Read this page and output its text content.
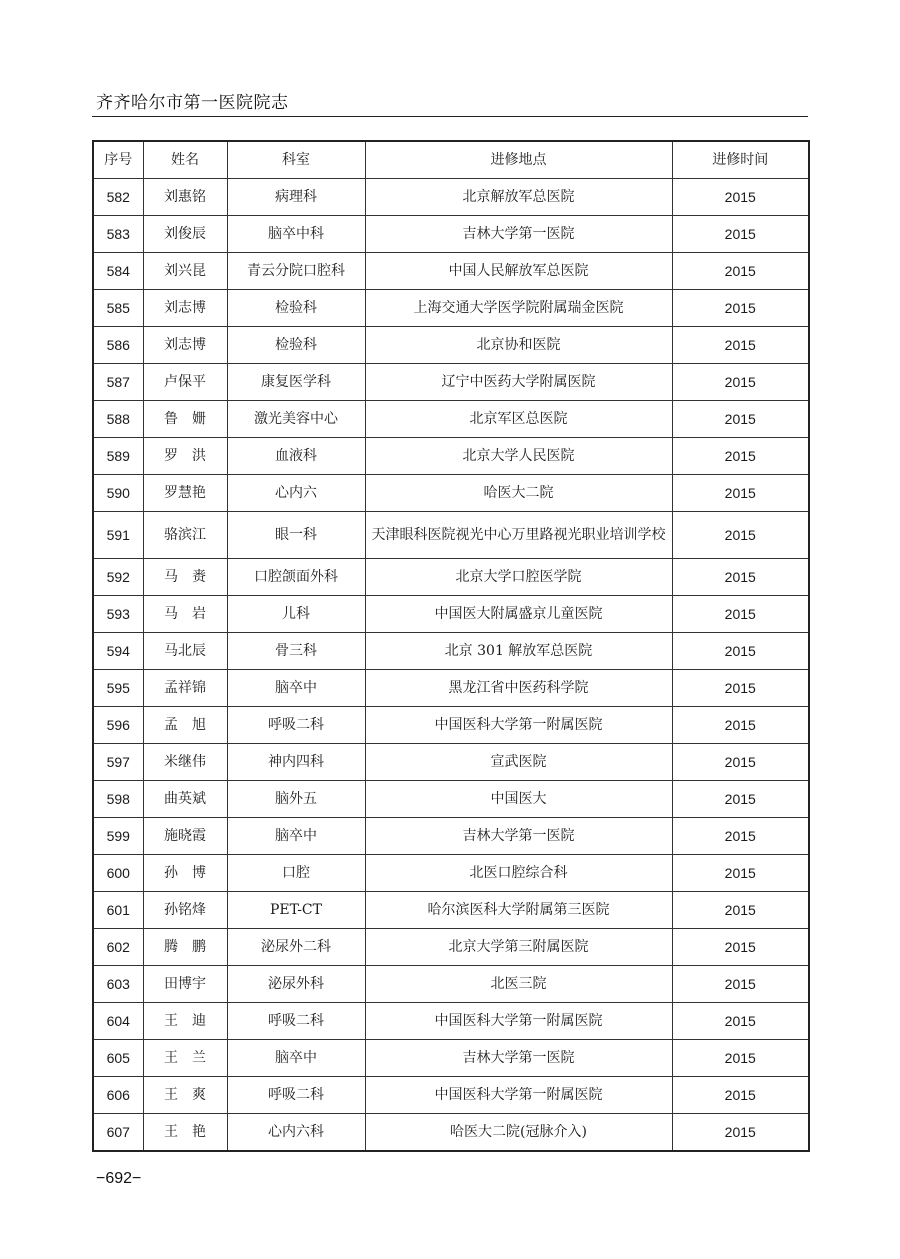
齐齐哈尔市第一医院院志
序号	姓名	科室	进修地点	进修时间
582	刘惠铭	病理科	北京解放军总医院	2015
583	刘俊辰	脑卒中科	吉林大学第一医院	2015
584	刘兴昆	青云分院口腔科	中国人民解放军总医院	2015
585	刘志博	检验科	上海交通大学医学院附属瑞金医院	2015
586	刘志博	检验科	北京协和医院	2015
587	卢保平	康复医学科	辽宁中医药大学附属医院	2015
588	鲁　姗	激光美容中心	北京军区总医院	2015
589	罗　洪	血液科	北京大学人民医院	2015
590	罗慧艳	心内六	哈医大二院	2015
591	骆滨江	眼一科	天津眼科医院视光中心万里路视光职业培训学校	2015
592	马　赉	口腔颌面外科	北京大学口腔医学院	2015
593	马　岩	儿科	中国医大附属盛京儿童医院	2015
594	马北辰	骨三科	北京 301 解放军总医院	2015
595	孟祥锦	脑卒中	黑龙江省中医药科学院	2015
596	孟　旭	呼吸二科	中国医科大学第一附属医院	2015
597	米继伟	神内四科	宣武医院	2015
598	曲英斌	脑外五	中国医大	2015
599	施晓霞	脑卒中	吉林大学第一医院	2015
600	孙　博	口腔	北医口腔综合科	2015
601	孙铭烽	PET-CT	哈尔滨医科大学附属第三医院	2015
602	腾　鹏	泌尿外二科	北京大学第三附属医院	2015
603	田博宇	泌尿外科	北医三院	2015
604	王　迪	呼吸二科	中国医科大学第一附属医院	2015
605	王　兰	脑卒中	吉林大学第一医院	2015
606	王　爽	呼吸二科	中国医科大学第一附属医院	2015
607	王　艳	心内六科	哈医大二院(冠脉介入)	2015
−692−
